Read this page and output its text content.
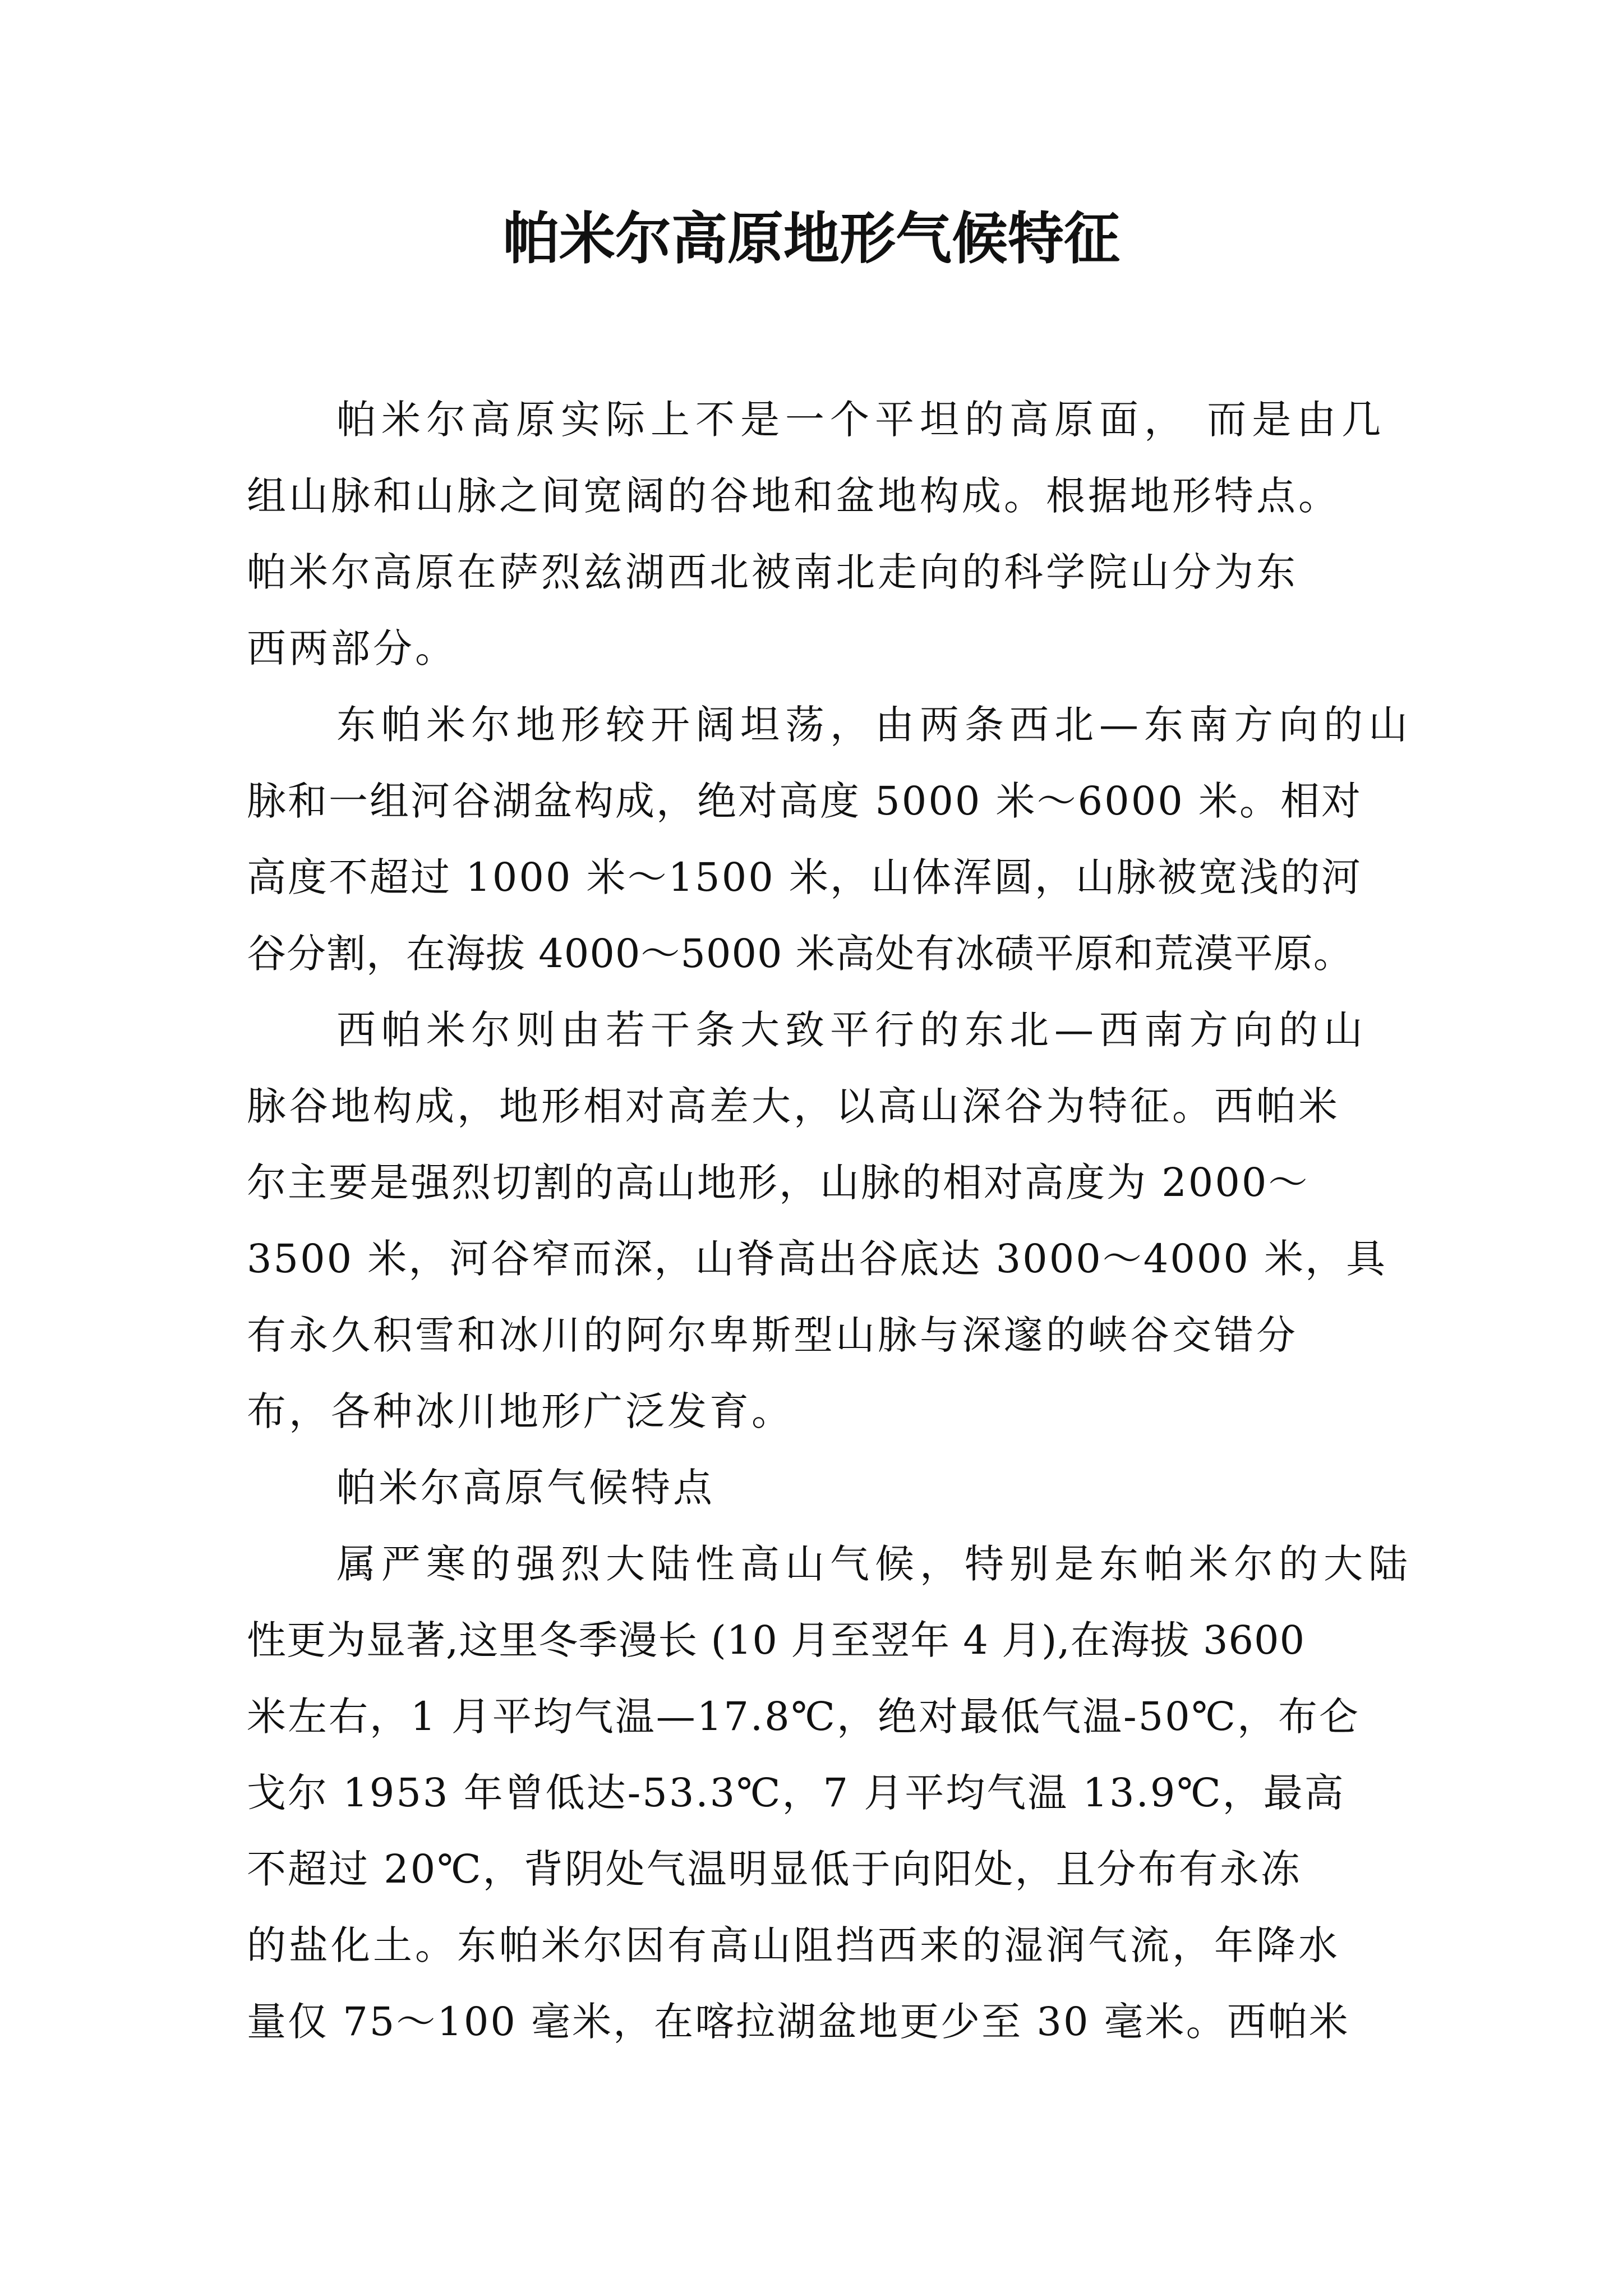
帕米尔高原地形气候特征
帕米尔高原实际上不是一个平坦的高原面， 而是由几
组山脉和山脉之间宽阔的谷地和盆地构成。根据地形特点。
帕米尔高原在萨烈兹湖西北被南北走向的科学院山分为东
西两部分。
东帕米尔地形较开阔坦荡，由两条西北—东南方向的山
脉和一组河谷湖盆构成，绝对高度 5000 米～6000 米。相对
高度不超过 1000 米～1500 米，山体浑圆，山脉被宽浅的河
谷分割，在海拔 4000～5000 米高处有冰碛平原和荒漠平原。
西帕米尔则由若干条大致平行的东北—西南方向的山
脉谷地构成，地形相对高差大，以高山深谷为特征。西帕米
尔主要是强烈切割的高山地形，山脉的相对高度为 2000～
3500 米，河谷窄而深，山脊高出谷底达 3000～4000 米，具
有永久积雪和冰川的阿尔卑斯型山脉与深邃的峡谷交错分
布，各种冰川地形广泛发育。
帕米尔高原气候特点
属严寒的强烈大陆性高山气候，特别是东帕米尔的大陆
性更为显著,这里冬季漫长 (10 月至翌年 4 月),在海拔 3600
米左右，1 月平均气温—17.8℃，绝对最低气温-50℃，布仑
戈尔 1953 年曾低达-53.3℃，7 月平均气温 13.9℃，最高
不超过 20℃，背阴处气温明显低于向阳处，且分布有永冻
的盐化土。东帕米尔因有高山阻挡西来的湿润气流，年降水
量仅 75～100 毫米，在喀拉湖盆地更少至 30 毫米。西帕米
